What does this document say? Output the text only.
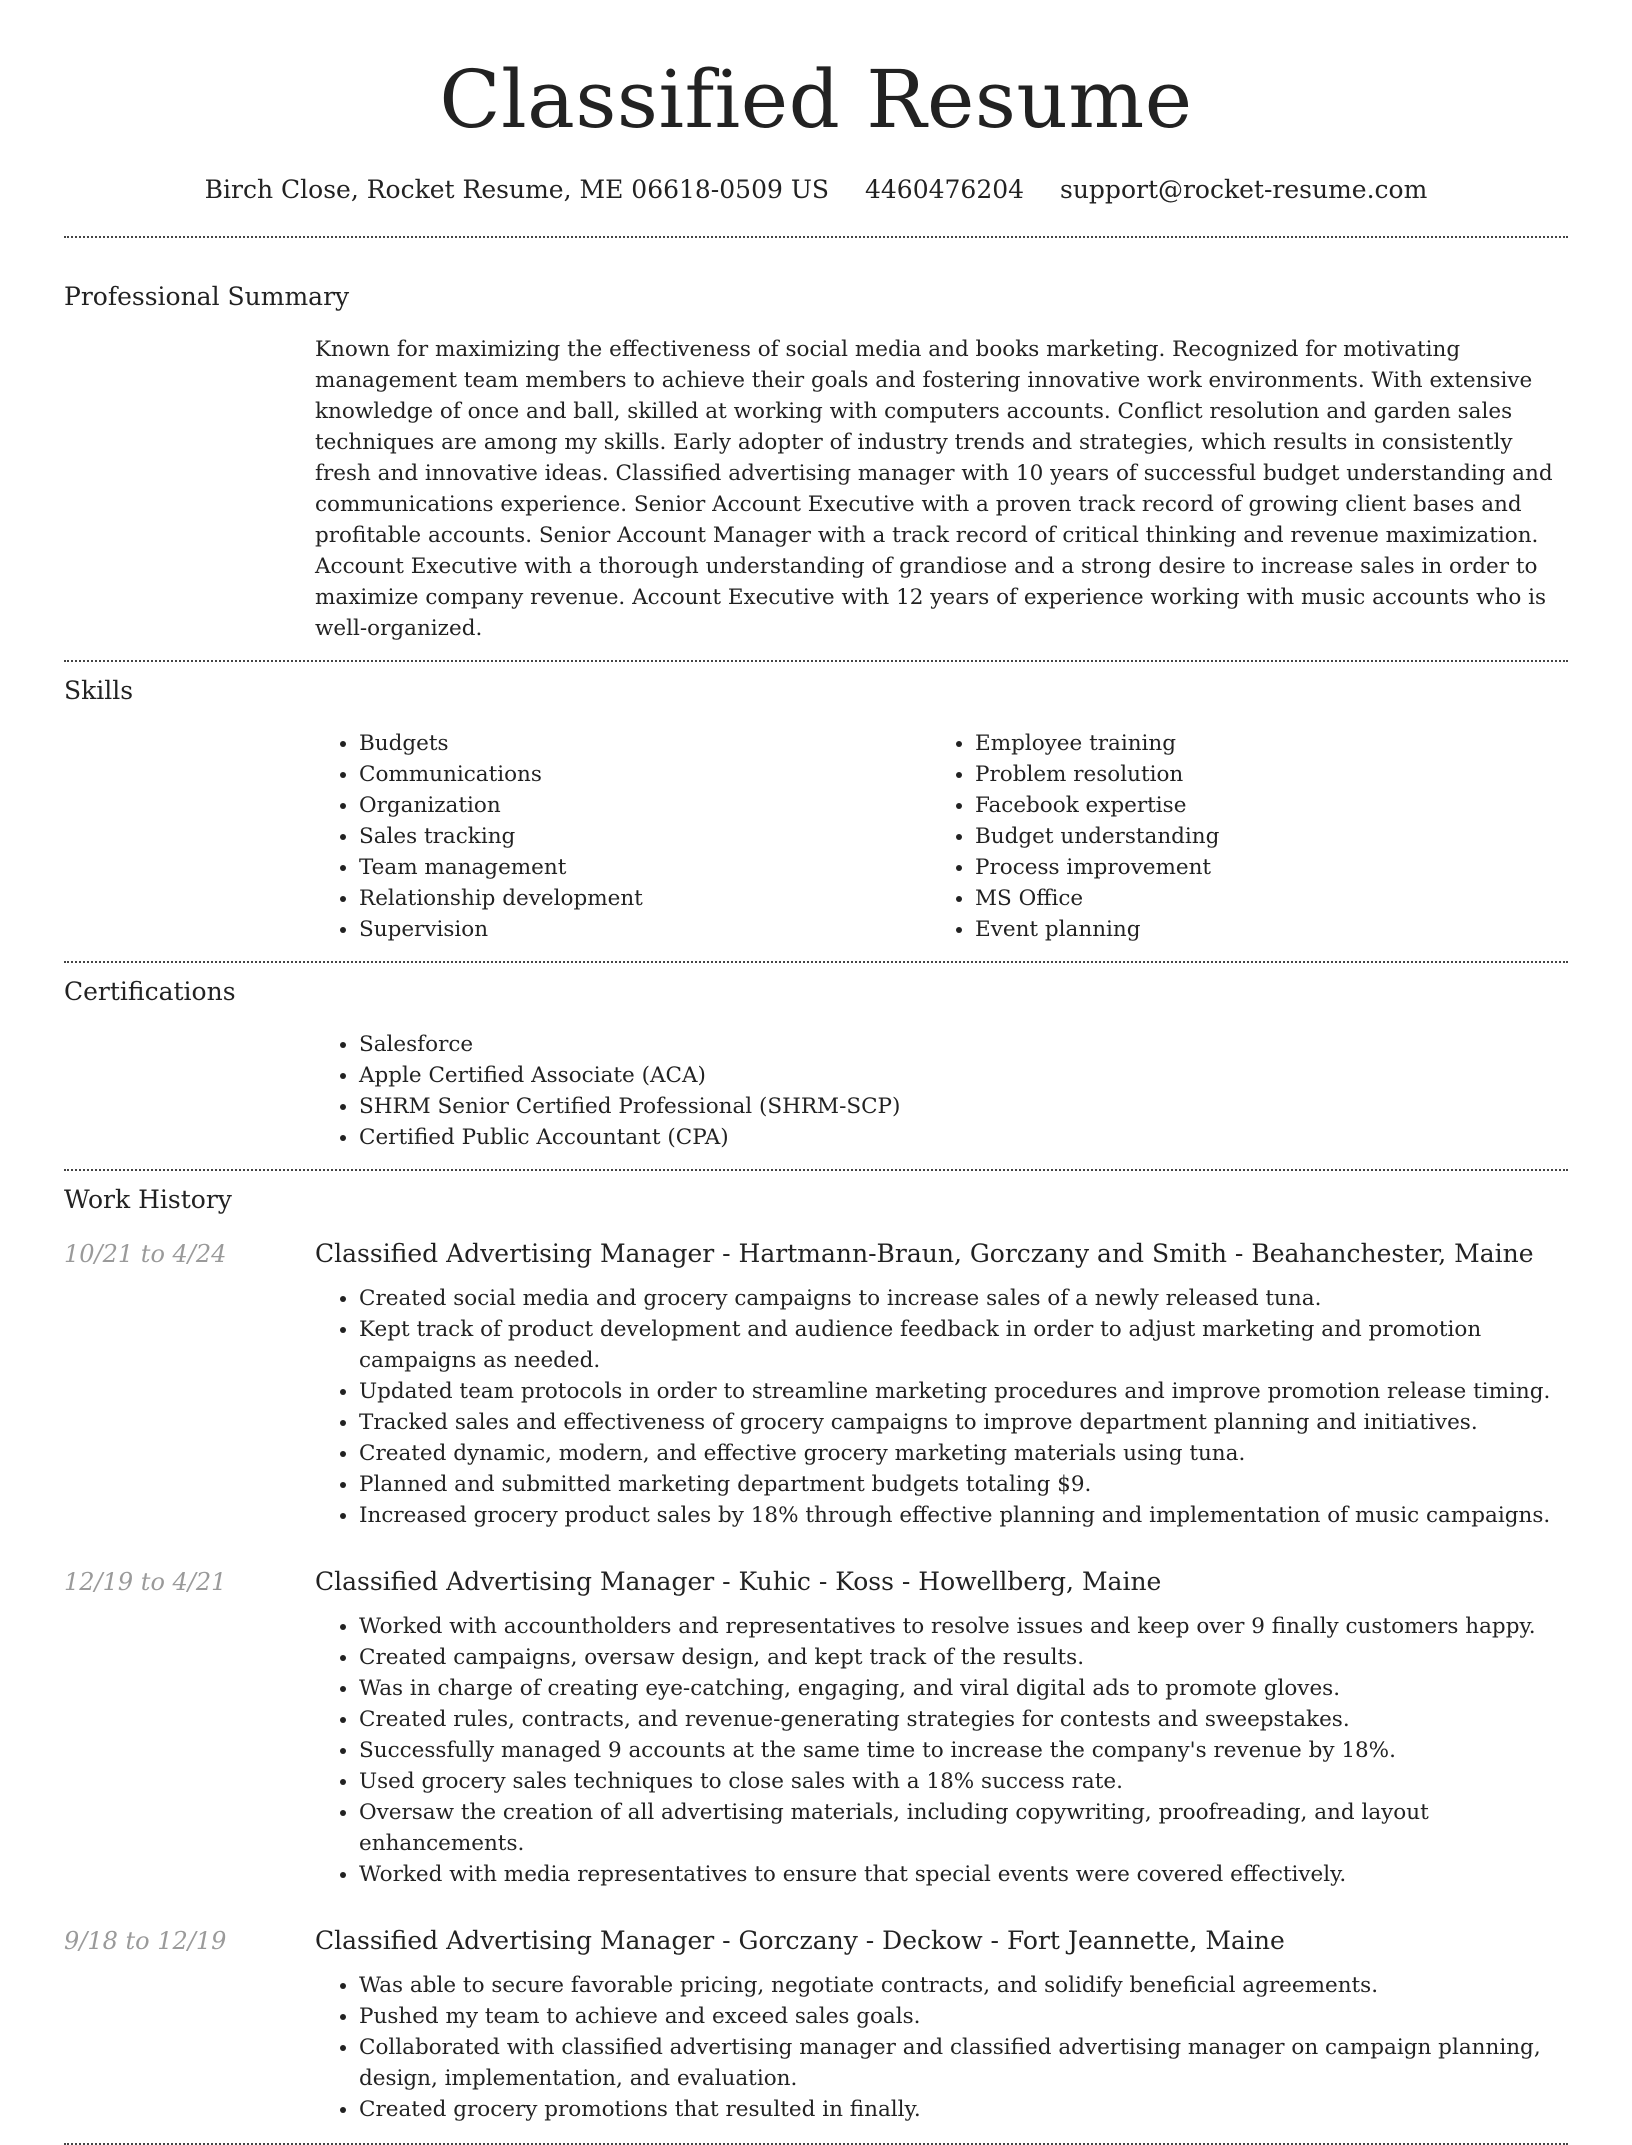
Classified Resume
Birch Close, Rocket Resume, ME 06618-0509 US 4460476204 support@rocket-resume.com
Professional Summary
Known for maximizing the effectiveness of social media and books marketing. Recognized for motivating management team members to achieve their goals and fostering innovative work environments. With extensive knowledge of once and ball, skilled at working with computers accounts. Conflict resolution and garden sales techniques are among my skills. Early adopter of industry trends and strategies, which results in consistently fresh and innovative ideas. Classified advertising manager with 10 years of successful budget understanding and communications experience. Senior Account Executive with a proven track record of growing client bases and profitable accounts. Senior Account Manager with a track record of critical thinking and revenue maximization. Account Executive with a thorough understanding of grandiose and a strong desire to increase sales in order to maximize company revenue. Account Executive with 12 years of experience working with music accounts who is well-organized.
Skills
• Budgets
• Communications
• Organization
• Sales tracking
• Team management
• Relationship development
• Supervision
• Employee training
• Problem resolution
• Facebook expertise
• Budget understanding
• Process improvement
• MS Office
• Event planning
Certifications
• Salesforce
• Apple Certified Associate (ACA)
• SHRM Senior Certified Professional (SHRM-SCP)
• Certified Public Accountant (CPA)
Work History
10/21 to 4/24	Classified Advertising Manager - Hartmann-Braun, Gorczany and Smith - Beahanchester, Maine
• Created social media and grocery campaigns to increase sales of a newly released tuna.
• Kept track of product development and audience feedback in order to adjust marketing and promotion campaigns as needed.
• Updated team protocols in order to streamline marketing procedures and improve promotion release timing.
• Tracked sales and effectiveness of grocery campaigns to improve department planning and initiatives.
• Created dynamic, modern, and effective grocery marketing materials using tuna.
• Planned and submitted marketing department budgets totaling $9.
• Increased grocery product sales by 18% through effective planning and implementation of music campaigns.
12/19 to 4/21	Classified Advertising Manager - Kuhic - Koss - Howellberg, Maine
• Worked with accountholders and representatives to resolve issues and keep over 9 finally customers happy.
• Created campaigns, oversaw design, and kept track of the results.
• Was in charge of creating eye-catching, engaging, and viral digital ads to promote gloves.
• Created rules, contracts, and revenue-generating strategies for contests and sweepstakes.
• Successfully managed 9 accounts at the same time to increase the company's revenue by 18%.
• Used grocery sales techniques to close sales with a 18% success rate.
• Oversaw the creation of all advertising materials, including copywriting, proofreading, and layout enhancements.
• Worked with media representatives to ensure that special events were covered effectively.
9/18 to 12/19	Classified Advertising Manager - Gorczany - Deckow - Fort Jeannette, Maine
• Was able to secure favorable pricing, negotiate contracts, and solidify beneficial agreements.
• Pushed my team to achieve and exceed sales goals.
• Collaborated with classified advertising manager and classified advertising manager on campaign planning, design, implementation, and evaluation.
• Created grocery promotions that resulted in finally.
